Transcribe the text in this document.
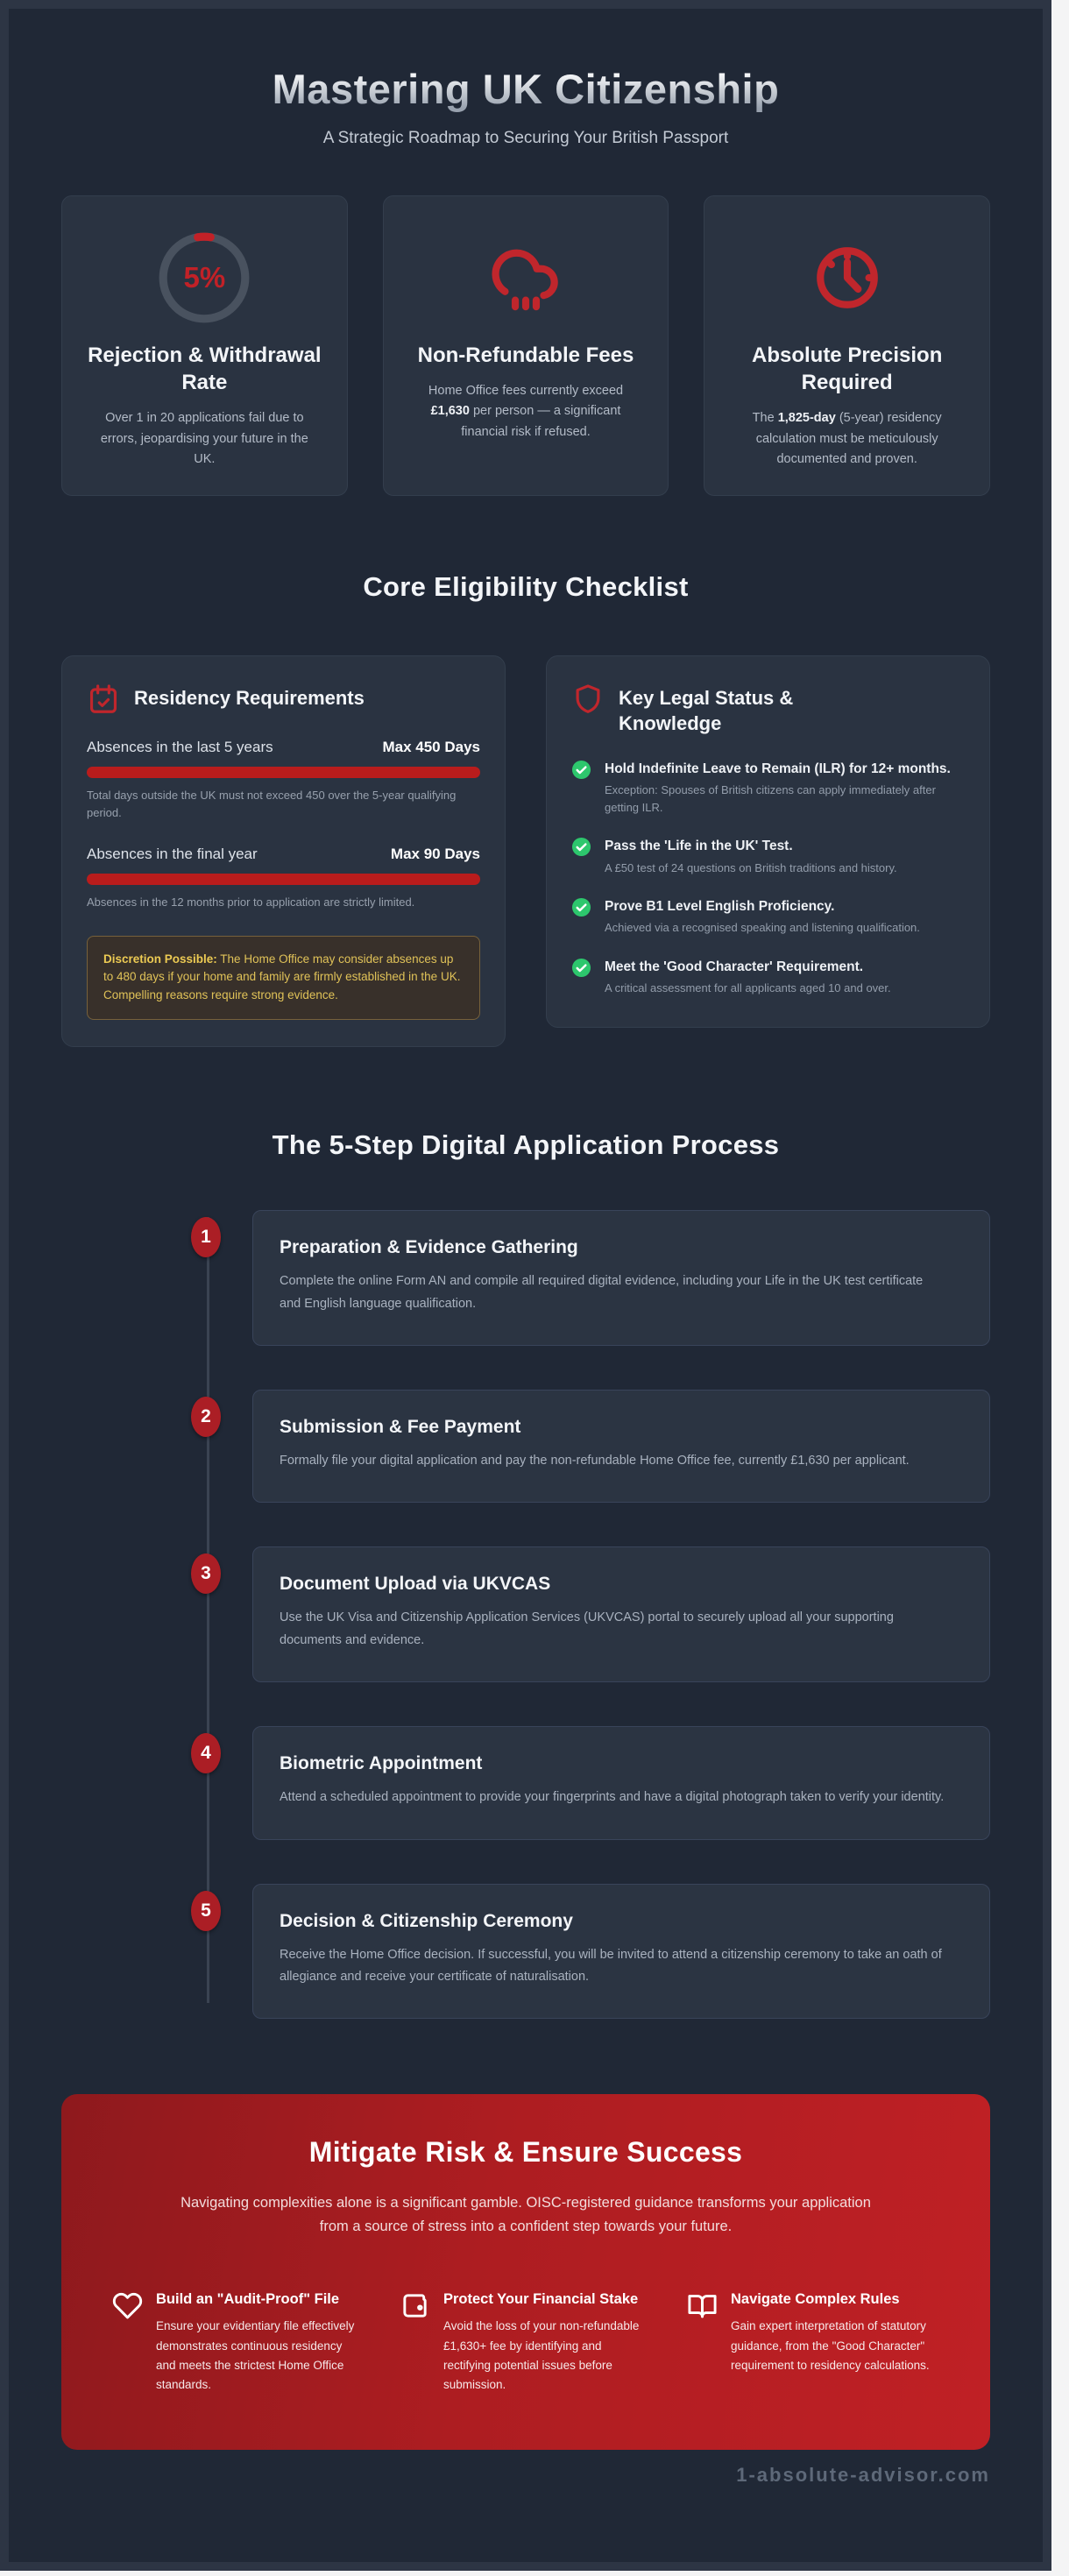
Mastering UK Citizenship
A Strategic Roadmap to Securing Your British Passport
5%
Rejection & Withdrawal Rate
Over 1 in 20 applications fail due to errors, jeopardising your future in the UK.
Non-Refundable Fees
Home Office fees currently exceed £1,630 per person — a significant financial risk if refused.
Absolute Precision Required
The 1,825-day (5-year) residency calculation must be meticulously documented and proven.
Core Eligibility Checklist
Residency Requirements
Absences in the last 5 years	Max 450 Days
Total days outside the UK must not exceed 450 over the 5-year qualifying period.
Absences in the final year	Max 90 Days
Absences in the 12 months prior to application are strictly limited.
Discretion Possible: The Home Office may consider absences up to 480 days if your home and family are firmly established in the UK. Compelling reasons require strong evidence.
Key Legal Status & Knowledge
Hold Indefinite Leave to Remain (ILR) for 12+ months.
Exception: Spouses of British citizens can apply immediately after getting ILR.
Pass the 'Life in the UK' Test.
A £50 test of 24 questions on British traditions and history.
Prove B1 Level English Proficiency.
Achieved via a recognised speaking and listening qualification.
Meet the 'Good Character' Requirement.
A critical assessment for all applicants aged 10 and over.
The 5-Step Digital Application Process
1
Preparation & Evidence Gathering
Complete the online Form AN and compile all required digital evidence, including your Life in the UK test certificate and English language qualification.
2
Submission & Fee Payment
Formally file your digital application and pay the non-refundable Home Office fee, currently £1,630 per applicant.
3
Document Upload via UKVCAS
Use the UK Visa and Citizenship Application Services (UKVCAS) portal to securely upload all your supporting documents and evidence.
4
Biometric Appointment
Attend a scheduled appointment to provide your fingerprints and have a digital photograph taken to verify your identity.
5
Decision & Citizenship Ceremony
Receive the Home Office decision. If successful, you will be invited to attend a citizenship ceremony to take an oath of allegiance and receive your certificate of naturalisation.
Mitigate Risk & Ensure Success
Navigating complexities alone is a significant gamble. OISC-registered guidance transforms your application from a source of stress into a confident step towards your future.
Build an "Audit-Proof" File
Ensure your evidentiary file effectively demonstrates continuous residency and meets the strictest Home Office standards.
Protect Your Financial Stake
Avoid the loss of your non-refundable £1,630+ fee by identifying and rectifying potential issues before submission.
Navigate Complex Rules
Gain expert interpretation of statutory guidance, from the "Good Character" requirement to residency calculations.
1-absolute-advisor.com
